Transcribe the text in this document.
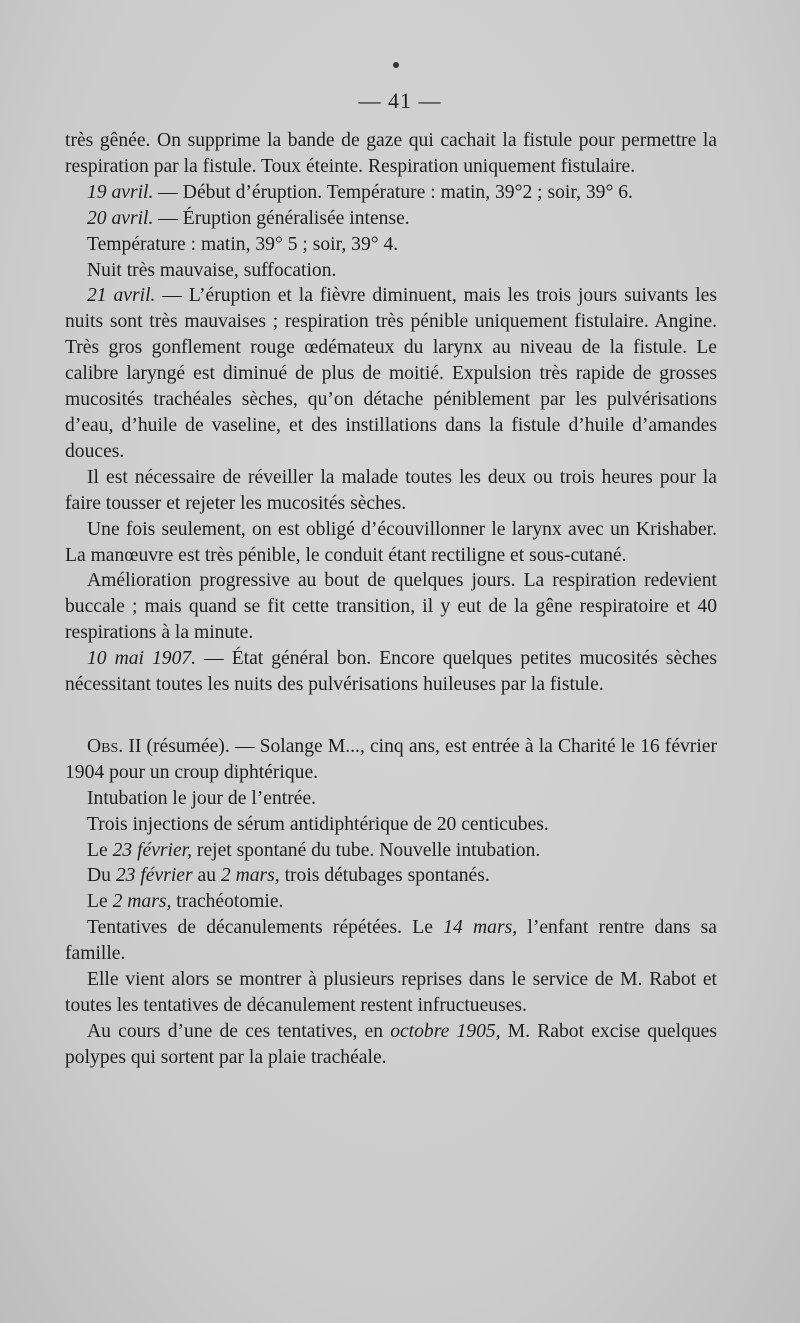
— 41 —

très gênée. On supprime la bande de gaze qui cachait la fistule pour permettre la respiration par la fistule. Toux éteinte. Respiration uniquement fistulaire.

19 avril. — Début d’éruption. Température : matin, 39°2 ; soir, 39° 6.

20 avril. — Éruption généralisée intense.

Température : matin, 39° 5 ; soir, 39° 4.

Nuit très mauvaise, suffocation.

21 avril. — L’éruption et la fièvre diminuent, mais les trois jours suivants les nuits sont très mauvaises ; respiration très pénible uniquement fistulaire. Angine. Très gros gonflement rouge œdémateux du larynx au niveau de la fistule. Le calibre laryngé est diminué de plus de moitié. Expulsion très rapide de grosses mucosités trachéales sèches, qu’on détache péniblement par les pulvérisations d’eau, d’huile de vaseline, et des instillations dans la fistule d’huile d’amandes douces.

Il est nécessaire de réveiller la malade toutes les deux ou trois heures pour la faire tousser et rejeter les mucosités sèches.

Une fois seulement, on est obligé d’écouvillonner le larynx avec un Krishaber. La manœuvre est très pénible, le conduit étant rectiligne et sous-cutané.

Amélioration progressive au bout de quelques jours. La respiration redevient buccale ; mais quand se fit cette transition, il y eut de la gêne respiratoire et 40 respirations à la minute.

10 mai 1907. — État général bon. Encore quelques petites mucosités sèches nécessitant toutes les nuits des pulvérisations huileuses par la fistule.

Obs. II (résumée). — Solange M..., cinq ans, est entrée à la Charité le 16 février 1904 pour un croup diphtérique.

Intubation le jour de l’entrée.

Trois injections de sérum antidiphtérique de 20 centicubes.

Le 23 février, rejet spontané du tube. Nouvelle intubation.

Du 23 février au 2 mars, trois détubages spontanés.

Le 2 mars, trachéotomie.

Tentatives de décanulements répétées. Le 14 mars, l’enfant rentre dans sa famille.

Elle vient alors se montrer à plusieurs reprises dans le service de M. Rabot et toutes les tentatives de décanulement restent infructueuses.

Au cours d’une de ces tentatives, en octobre 1905, M. Rabot excise quelques polypes qui sortent par la plaie trachéale.
